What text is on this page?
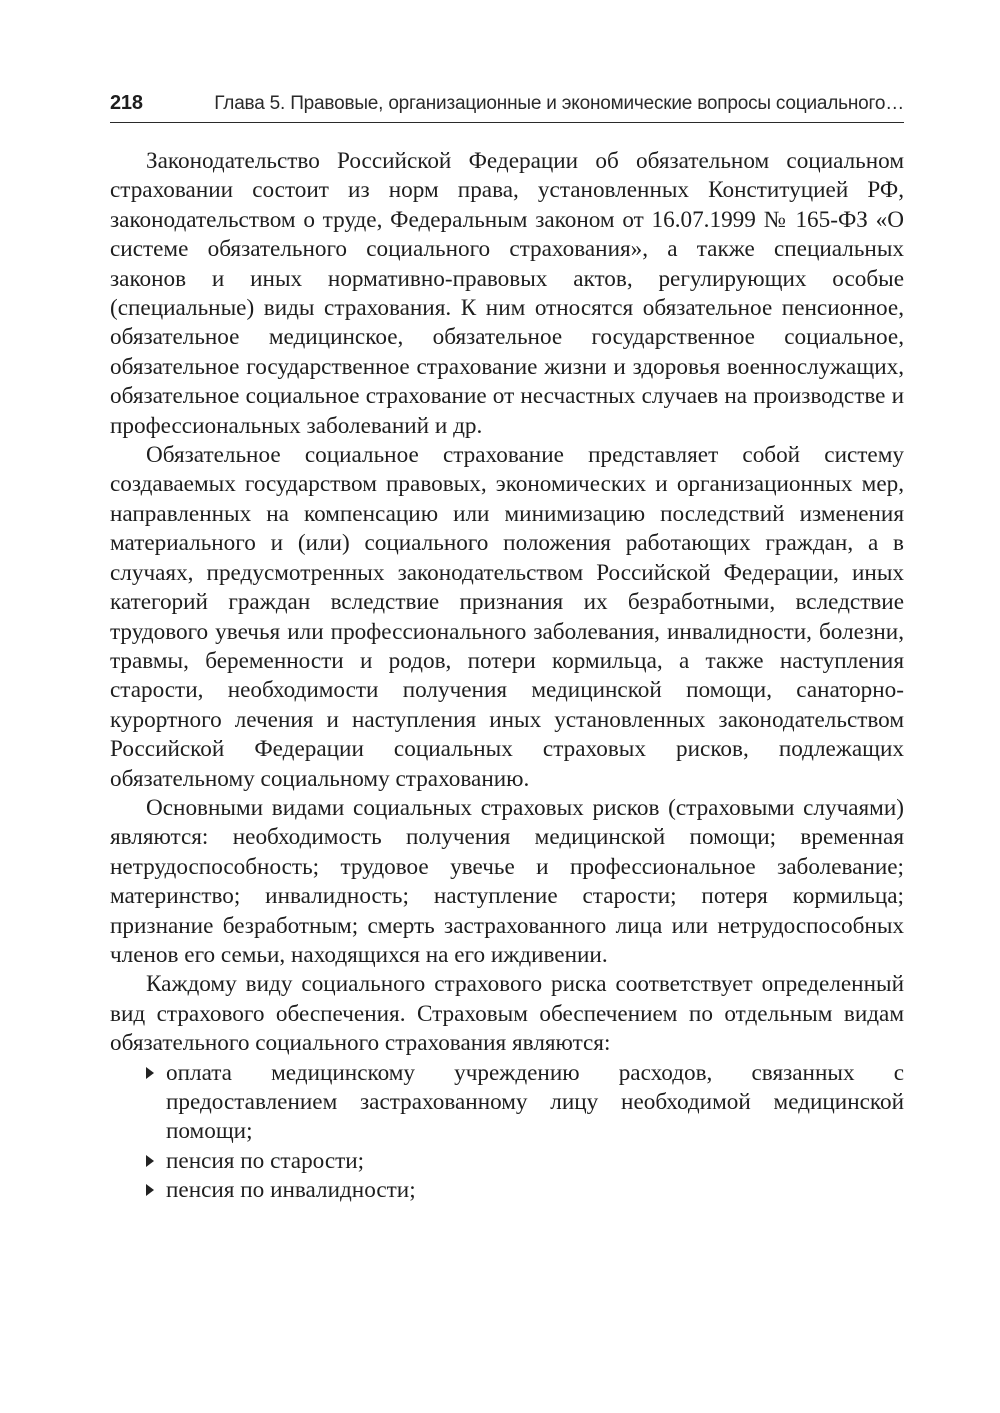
218	Глава 5. Правовые, организационные и экономические вопросы социального…

Законодательство Российской Федерации об обязательном социальном страховании состоит из норм права, установленных Конституцией РФ, законодательством о труде, Федеральным законом от 16.07.1999 № 165-ФЗ «О системе обязательного социального страхования», а также специальных законов и иных нормативно-правовых актов, регулирующих особые (специальные) виды страхования. К ним относятся обязательное пенсионное, обязательное медицинское, обязательное государственное социальное, обязательное государственное страхование жизни и здоровья военнослужащих, обязательное социальное страхование от несчастных случаев на производстве и профессиональных заболеваний и др.

Обязательное социальное страхование представляет собой систему создаваемых государством правовых, экономических и организационных мер, направленных на компенсацию или минимизацию последствий изменения материального и (или) социального положения работающих граждан, а в случаях, предусмотренных законодательством Российской Федерации, иных категорий граждан вследствие признания их безработными, вследствие трудового увечья или профессионального заболевания, инвалидности, болезни, травмы, беременности и родов, потери кормильца, а также наступления старости, необходимости получения медицинской помощи, санаторно-курортного лечения и наступления иных установленных законодательством Российской Федерации социальных страховых рисков, подлежащих обязательному социальному страхованию.

Основными видами социальных страховых рисков (страховыми случаями) являются: необходимость получения медицинской помощи; временная нетрудоспособность; трудовое увечье и профессиональное заболевание; материнство; инвалидность; наступление старости; потеря кормильца; признание безработным; смерть застрахованного лица или нетрудоспособных членов его семьи, находящихся на его иждивении.

Каждому виду социального страхового риска соответствует определенный вид страхового обеспечения. Страховым обеспечением по отдельным видам обязательного социального страхования являются:

оплата медицинскому учреждению расходов, связанных с предоставлением застрахованному лицу необходимой медицинской помощи;
пенсия по старости;
пенсия по инвалидности;
